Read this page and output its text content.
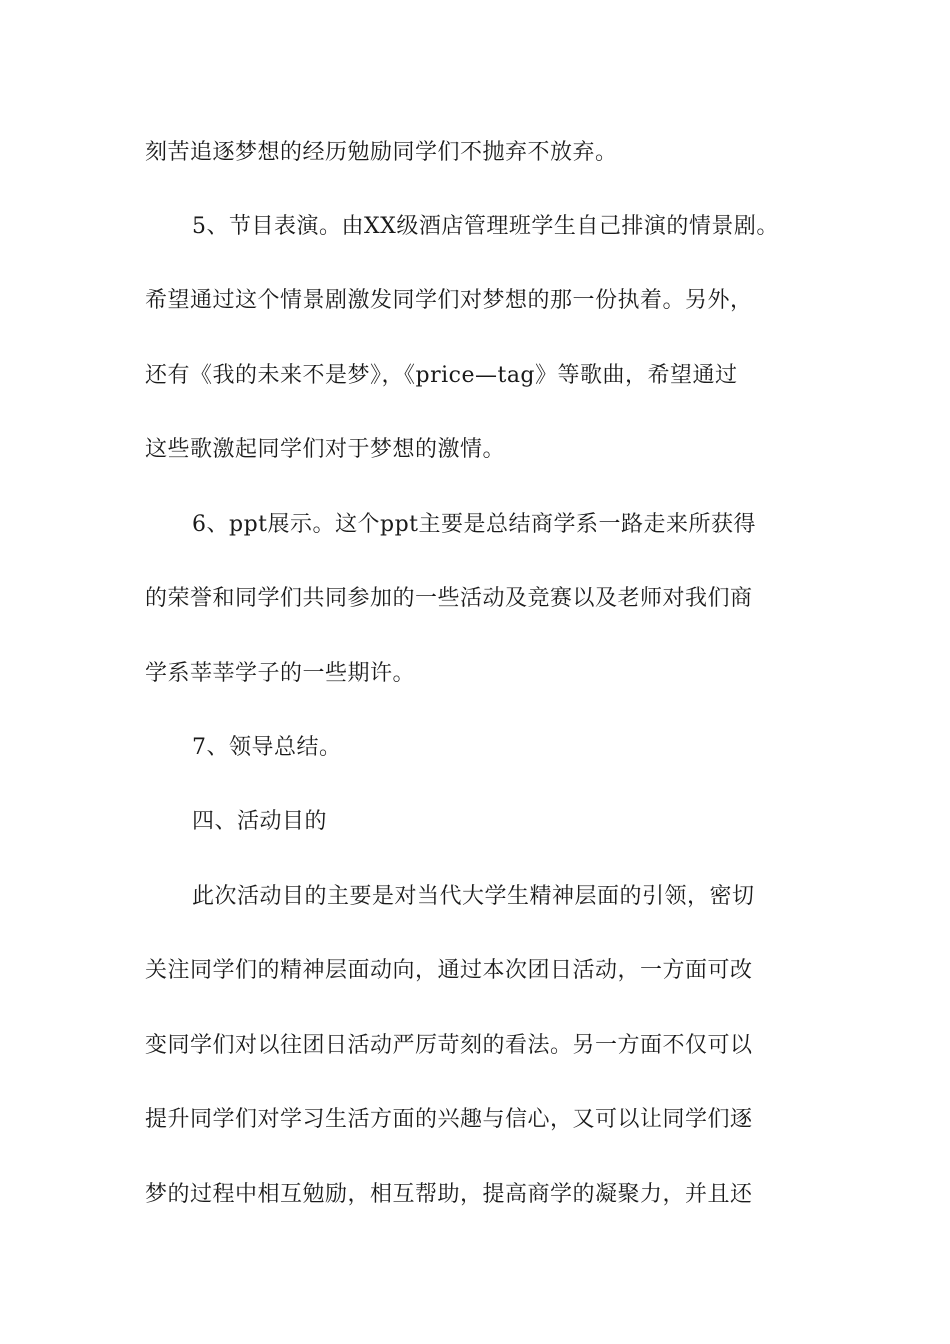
刻苦追逐梦想的经历勉励同学们不抛弃不放弃。
5、节目表演。由XX级酒店管理班学生自己排演的情景剧。
希望通过这个情景剧激发同学们对梦想的那一份执着。另外，
还有《我的未来不是梦》，《price—tag》等歌曲，希望通过
这些歌激起同学们对于梦想的激情。
6、ppt展示。这个ppt主要是总结商学系一路走来所获得
的荣誉和同学们共同参加的一些活动及竞赛以及老师对我们商
学系莘莘学子的一些期许。
7、领导总结。
四、活动目的
此次活动目的主要是对当代大学生精神层面的引领，密切
关注同学们的精神层面动向，通过本次团日活动，一方面可改
变同学们对以往团日活动严厉苛刻的看法。另一方面不仅可以
提升同学们对学习生活方面的兴趣与信心，又可以让同学们逐
梦的过程中相互勉励，相互帮助，提高商学的凝聚力，并且还
